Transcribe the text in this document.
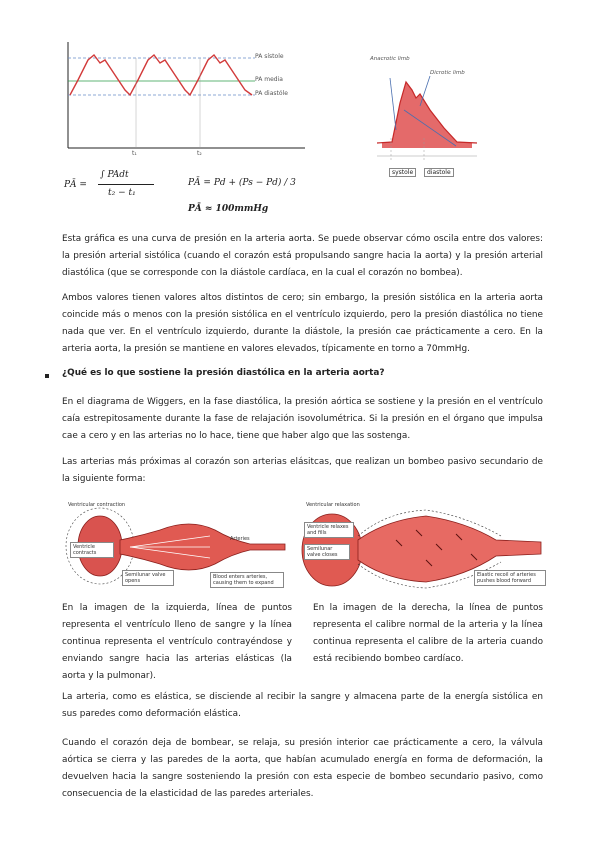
PA sístole
PA media
PA diastóle
t₁	t₂
PĀ =
∫ PAdt
t₂ − t₁
PĀ = Pd + (Ps − Pd) / 3
PĀ ≈ 100mmHg
Anacrotic limb
Dicrotic limb
systole	diastole

Esta gráfica es una curva de presión en la arteria aorta. Se puede observar cómo oscila entre dos valores: la presión arterial sistólica (cuando el corazón está propulsando sangre hacia la aorta) y la presión arterial diastólica (que se corresponde con la diástole cardíaca, en la cual el corazón no bombea).

Ambos valores tienen valores altos distintos de cero; sin embargo, la presión sistólica en la arteria aorta coincide más o menos con la presión sistólica en el ventrículo izquierdo, pero la presión diastólica no tiene nada que ver. En el ventrículo izquierdo, durante la diástole, la presión cae prácticamente a cero. En la arteria aorta, la presión se mantiene en valores elevados, típicamente en torno a 70mmHg.

¿Qué es lo que sostiene la presión diastólica en la arteria aorta?

En el diagrama de Wiggers, en la fase diastólica, la presión aórtica se sostiene y la presión en el ventrículo caía estrepitosamente durante la fase de relajación isovolumétrica. Si la presión en el órgano que impulsa cae a cero y en las arterias no lo hace, tiene que haber algo que las sostenga.

Las arterias más próximas al corazón son arterias elásitcas, que realizan un bombeo pasivo secundario de la siguiente forma:

Ventricular contraction
Ventricle contracts
Semilunar valve opens
Blood enters arteries, causing them to expand
Arteries
Ventricular relaxation
Ventricle relaxes and fills
Semilunar valve closes
Elastic recoil of arteries pushes blood forward

En la imagen de la izquierda, línea de puntos representa el ventrículo lleno de sangre y la línea continua representa el ventrículo contrayéndose y enviando sangre hacia las arterias elásticas (la aorta y la pulmonar).

En la imagen de la derecha, la línea de puntos representa el calibre normal de la arteria y la línea continua representa el calibre de la arteria cuando está recibiendo bombeo cardíaco.

La arteria, como es elástica, se disciende al recibir la sangre y almacena parte de la energía sistólica en sus paredes como deformación elástica.

Cuando el corazón deja de bombear, se relaja, su presión interior cae prácticamente a cero, la válvula aórtica se cierra y las paredes de la aorta, que habían acumulado energía en forma de deformación, la devuelven hacia la sangre sosteniendo la presión con esta especie de bombeo secundario pasivo, como consecuencia de la elasticidad de las paredes arteriales.
